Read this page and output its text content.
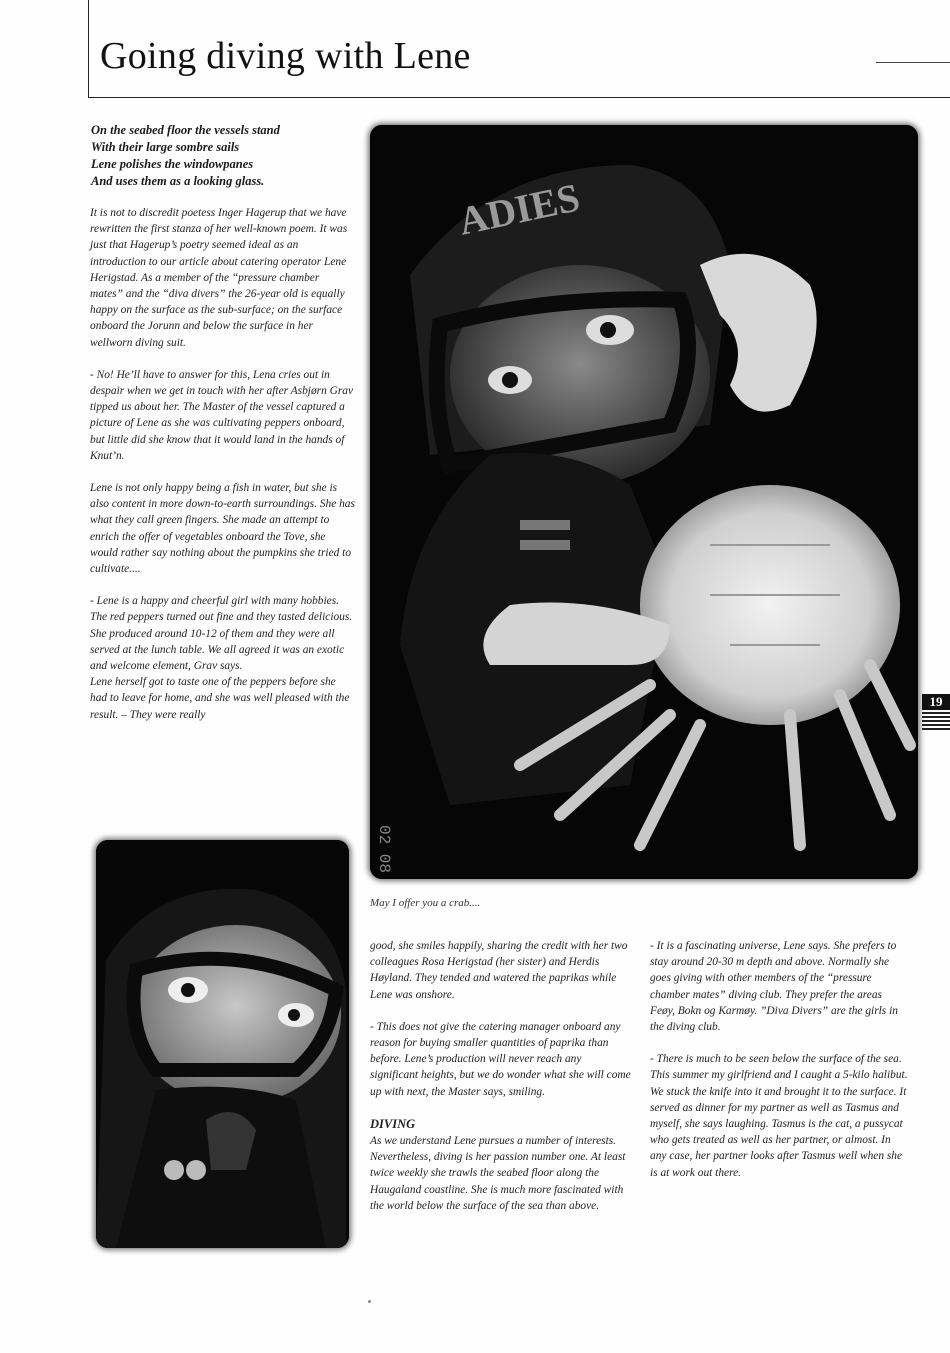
Going diving with Lene
On the seabed floor the vessels stand
With their large sombre sails
Lene polishes the windowpanes
And uses them as a looking glass.

It is not to discredit poetess Inger Hagerup that we have rewritten the first stanza of her well-known poem. It was just that Hagerup’s poetry seemed ideal as an introduction to our article about catering operator Lene Herigstad. As a member of the “pressure chamber mates” and the “diva divers” the 26-year old is equally happy on the surface as the sub-surface; on the surface onboard the Jorunn and below the surface in her wellworn diving suit.

- No! He’ll have to answer for this, Lena cries out in despair when we get in touch with her after Asbjørn Grav tipped us about her. The Master of the vessel captured a picture of Lene as she was cultivating peppers onboard, but little did she know that it would land in the hands of Knut’n.

Lene is not only happy being a fish in water, but she is also content in more down-to-earth surroundings. She has what they call green fingers. She made an attempt to enrich the offer of vegetables onboard the Tove, she would rather say nothing about the pumpkins she tried to cultivate....

- Lene is a happy and cheerful girl with many hobbies. The red peppers turned out fine and they tasted delicious. She produced around 10-12 of them and they were all served at the lunch table. We all agreed it was an exotic and welcome element, Grav says.

Lene herself got to taste one of the peppers before she had to leave for home, and she was well pleased with the result. – They were really

ADIES
02 08
May I offer you a crab....

good, she smiles happily, sharing the credit with her two colleagues Rosa Herigstad (her sister) and Herdis Høyland. They tended and watered the paprikas while Lene was onshore.

- This does not give the catering manager onboard any reason for buying smaller quantities of paprika than before. Lene’s production will never reach any significant heights, but we do wonder what she will come up with next, the Master says, smiling.

DIVING

As we understand Lene pursues a number of interests. Nevertheless, diving is her passion number one. At least twice weekly she trawls the seabed floor along the Haugaland coastline. She is much more fascinated with the world below the surface of the sea than above.

- It is a fascinating universe, Lene says. She prefers to stay around 20-30 m depth and above. Normally she goes giving with other members of the “pressure chamber mates” diving club. They prefer the areas Feøy, Bokn og Karmøy. ”Diva Divers” are the girls in the diving club.

- There is much to be seen below the surface of the sea. This summer my girlfriend and I caught a 5-kilo halibut. We stuck the knife into it and brought it to the surface. It served as dinner for my partner as well as Tasmus and myself, she says laughing. Tasmus is the cat, a pussycat who gets treated as well as her partner, or almost. In any case, her partner looks after Tasmus well when she is at work out there.

19
